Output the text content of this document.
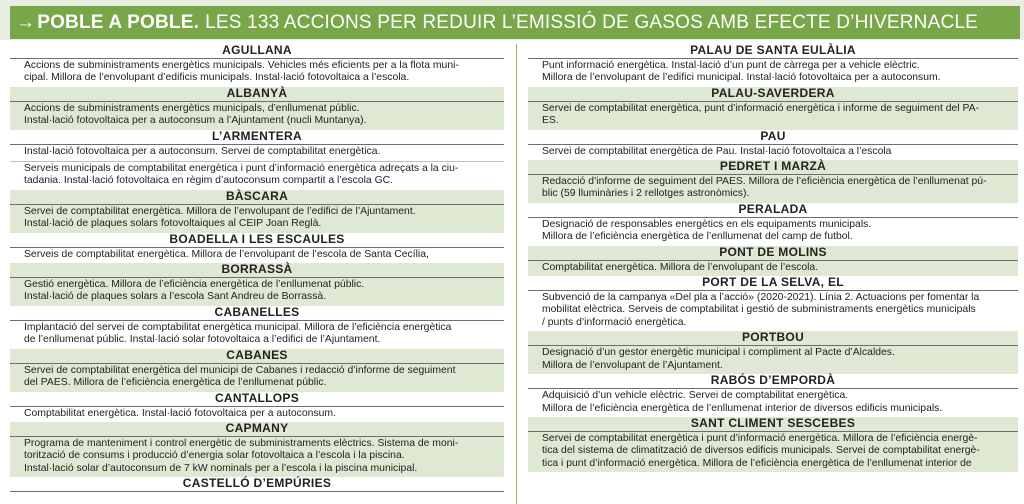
→ POBLE A POBLE. LES 133 ACCIONS PER REDUIR L’EMISSIÓ DE GASOS AMB EFECTE D’HIVERNACLE
AGULLANA
Accions de subministraments energètics municipals. Vehicles més eficients per a la flota muni-
cipal. Millora de l’envolupant d’edificis municipals. Instal·lació fotovoltaica a l’escola.
ALBANYÀ
Accions de subministraments energètics municipals, d’enllumenat públic.
Instal·lació fotovoltaica per a autoconsum a l’Ajuntament (nucli Muntanya).
L’ARMENTERA
Instal·lació fotovoltaica per a autoconsum. Servei de comptabilitat energètica.
Serveis municipals de comptabilitat energètica i punt d’informació energètica adreçats a la ciu-
tadania. Instal·lació fotovoltaica en règim d’autoconsum compartit a l’escola GC.
BÀSCARA
Servei de comptabilitat energètica. Millora de l’envolupant de l’edifici de l’Ajuntament.
Instal·lació de plaques solars fotovoltaiques al CEIP Joan Reglà.
BOADELLA I LES ESCAULES
Serveis de comptabilitat energètica. Millora de l’envolupant de l’escola de Santa Cecília,
BORRASSÀ
Gestió energètica. Millora de l’eficiència energètica de l’enllumenat públic.
Instal·lació de plaques solars a l’escola Sant Andreu de Borrassà.
CABANELLES
Implantació del servei de comptabilitat energètica municipal. Millora de l’eficiència energètica
de l’enllumenat públic. Instal·lació solar fotovoltaica a l’edifici de l’Ajuntament.
CABANES
Servei de comptabilitat energètica del municipi de Cabanes i redacció d’informe de seguiment
del PAES. Millora de l’eficiència energètica de l’enllumenat públic.
CANTALLOPS
Comptabilitat energètica. Instal·lació fotovoltaica per a autoconsum.
CAPMANY
Programa de manteniment i control energètic de subministraments elèctrics. Sistema de moni-
torització de consums i producció d’energia solar fotovoltaica a l’escola i la piscina.
Instal·lació solar d’autoconsum de 7 kW nominals per a l’escola i la piscina municipal.
CASTELLÓ D’EMPÚRIES
PALAU DE SANTA EULÀLIA
Punt informació energètica. Instal·lació d’un punt de càrrega per a vehicle elèctric.
Millora de l’envolupant de l’edifici municipal. Instal·lació fotovoltaica per a autoconsum.
PALAU-SAVERDERA
Servei de comptabilitat energètica, punt d’informació energètica i informe de seguiment del PA-
ES.
PAU
Servei de comptabilitat energètica de Pau. Instal·lació fotovoltaica a l’escola
PEDRET I MARZÀ
Redacció d’informe de seguiment del PAES. Millora de l’eficiència energètica de l’enllumenat pú-
blic (59 lluminàries i 2 rellotges astronòmics).
PERALADA
Designació de responsables energètics en els equipaments municipals.
Millora de l’eficiència energètica de l’enllumenat del camp de futbol.
PONT DE MOLINS
Comptabilitat energètica. Millora de l’envolupant de l’escola.
PORT DE LA SELVA, EL
Subvenció de la campanya «Del pla a l’acció» (2020-2021). Línia 2. Actuacions per fomentar la
mobilitat elèctrica. Serveis de comptabilitat i gestió de subministraments energètics municipals
/ punts d’informació energètica.
PORTBOU
Designació d’un gestor energètic municipal i compliment al Pacte d’Alcaldes.
Millora de l’envolupant de l’Ajuntament.
RABÓS D’EMPORDÀ
Adquisició d’un vehicle elèctric. Servei de comptabilitat energètica.
Millora de l’eficiència energètica de l’enllumenat interior de diversos edificis municipals.
SANT CLIMENT SESCEBES
Servei de comptabilitat energètica i punt d’informació energètica. Millora de l’eficiència energè-
tica del sistema de climatització de diversos edificis municipals. Servei de comptabilitat energè-
tica i punt d’informació energètica. Millora de l’eficiència energètica de l’enllumenat interior de
